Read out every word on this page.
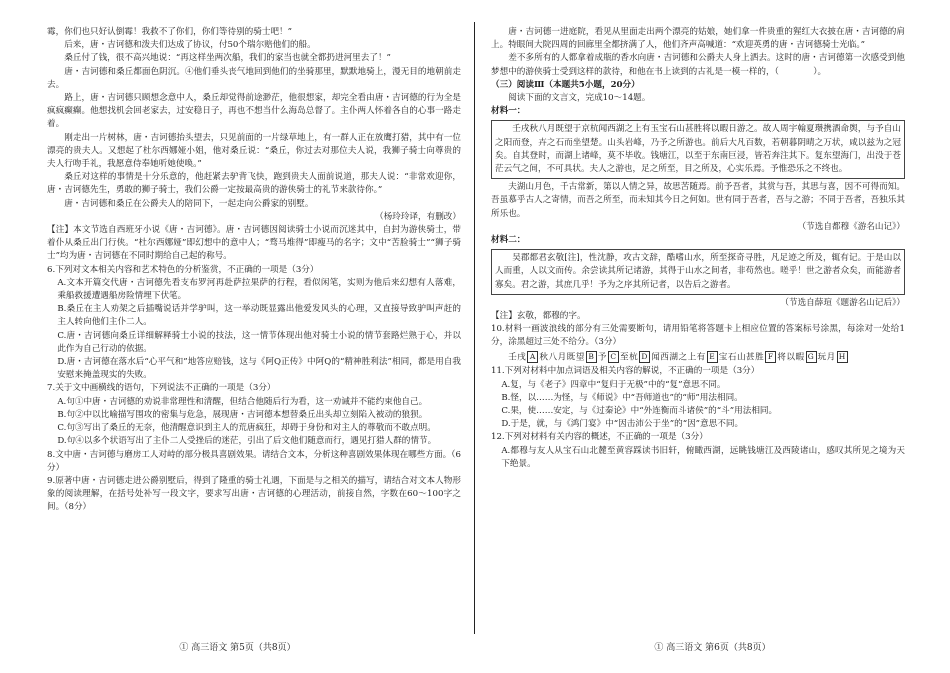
霉，你们也只好认倒霉！我救不了你们，你们等待别的骑士吧！”

后来，唐・吉诃德和泼夫们达成了协议，付50个瑞尔赔他们的船。

桑丘付了钱，很不高兴地说：“再这样坐两次船，我们的家当也就全都扔进河里去了！”

唐・吉诃德和桑丘都面色阴沉。④他们垂头丧气地回到他们的坐骑那里，默默地骑上，漫无目的地朝前走去。

路上，唐・吉诃德只顾想念意中人，桑丘却觉得前途渺茫，他很想家，却完全看由唐・吉诃德的行为全是疯疯癫癫。他想找机会回老家去，过安稳日子，再也不想当什么海岛总督了。主仆两人怀着各自的心事一路走着。

刚走出一片树林，唐・吉诃德抬头望去，只见前面的一片绿草地上，有一群人正在放鹰打猎，其中有一位漂亮的贵夫人。又想起了杜尔西娜娅小姐，他对桑丘说：“桑丘，你过去对那位夫人说，我狮子骑士向尊贵的夫人行吻手礼，我愿意侍奉她听她使唤。”

桑丘对这样的事情是十分乐意的，他赶紧去驴背飞快，跑到贵夫人面前说道，那夫人说：“非常欢迎你，唐・吉诃德先生，勇敢的狮子骑士，我们公爵一定按最高贵的游侠骑士的礼节来款待你。”

唐・吉诃德和桑丘在公爵夫人的陪同下，一起走向公爵家的别墅。

（杨玲玲译，有删改）

【注】本文节选自西班牙小说《唐・吉诃德》。唐・吉诃德因阅读骑士小说而沉迷其中，自封为游侠骑士，带着仆从桑丘出门行侠。“杜尔西娜娅”即幻想中的意中人；“骛马堆得”即瘦马的名字；文中“苦脸骑士”“狮子骑士”均为唐・吉诃德在不同时期给自己起的称号。

6.下列对文本相关内容和艺术特色的分析鉴赏，不正确的一项是（3分）

A.文本开篇交代唐・吉诃德先看支布罗河再赴萨拉果萨的行程，看似闲笔，实则为他后来幻想有人落难，乘船救援遭遇船房险情埋下伏笔。

B.桑丘在主人劝架之后插嘴说话并学驴叫，这一举动既显露出他爱发风头的心理，又直接导致驴叫声赶的主人转向他们主仆二人。

C.唐・吉诃德向桑丘详细解释骑士小说的技法，这一情节体现出他对骑士小说的情节套路烂熟于心，并以此作为自己行动的依据。

D.唐・吉诃德在落水后“心平气和”地答应赔钱，这与《阿Q正传》中阿Q的“精神胜利法”相同，都是用自我安慰来掩盖现实的失败。

7.关于文中画横线的语句，下列说法不正确的一项是（3分）

A.句①中唐・吉诃德的劝说非常理性和清醒，但结合他随后行为看，这一劝诫并不能约束他自己。

B.句②中以比喻描写围攻的密集与危急，展现唐・吉诃德本想替桑丘出头却立刻陷入被动的狼狈。

C.句③写出了桑丘的无奈，他清醒意识到主人的荒唐疯狂，却碍于身份和对主人的尊敬而不敢点明。

D.句④以多个状语写出了主仆二人受挫后的迷茫，引出了后文他们随意而行，遇见打猎人群的情节。

8.文中唐・吉诃德与磨房工人对峙的部分极具喜剧效果。请结合文本，分析这种喜剧效果体现在哪些方面。（6分）

9.原著中唐・吉诃德走进公爵别墅后，得到了隆重的骑士礼遇，下面是与之相关的描写，请结合对文本人物形象的阅读理解，在括号处补写一段文字，要求写出唐・吉诃德的心理活动，前接自然，字数在60～100字之间。（8分）

① 高三语文 第5页（共8页）

唐・吉诃德一进庭院，看见从里面走出两个漂亮的姑娘，她们拿一件贵重的猩红大衣披在唐・吉诃德的肩上。特眼间大院四周的回廊里全都挤满了人，他们齐声高喊道：“欢迎英勇的唐・吉诃德骑士光临。”

差不多所有的人都拿着成瓶的香水向唐・吉诃德和公爵夫人身上洒去。这时的唐・吉诃德第一次感受到他梦想中的游侠骑士受到这样的款待，和他在书上读到的古礼是一模一样的，（　　　　）。

（三）阅读Ⅲ（本题共5小题，20分）

阅读下面的文言文，完成10～14题。

材料一：

壬戌秋八月既望于京杭闻西湖之上有玉宝石山甚胜将以暇日游之。故人周宇翰夏瓒携酒命舆，与予自山之阳而登，卉之石而坐望楚。山头岩峰，乃予之所游也。前后大凡百数，若朝暮阴晴之万状，咸以兹为之冠矣。自其登时，而湖上诸峰，莫不毕收。钱塘江，以至于东南巨浸，皆若奔注其下。复东望海门，出没于苍茫云气之间，不可具状。夫人之游也，足之所至，目之所及，心实乐焉。予惟恐乐之不终也。

夫湖山月色，千古常新，第以人情之异，故思苦随焉。前予吾者，其赏与吾，其思与喜，因不可得而知。吾虽慕乎古人之寄情，而吾之所至，而未知其今日之何如。世有同于吾者，吾与之游；不同于吾者，吾独乐其所乐也。

（节选自都穆《游名山记》）

材料二：

吴郡都君玄敬[注]，性沈静，攻古文辞，酷嗜山水，所至探奇寻胜，凡足迹之所及，辄有记。于是山以人而重，人以文而传。余尝读其所记诸游，其得于山水之间者，非苟然也。嗟乎！世之游者众矣，而能游者寡矣。君之游，其庶几乎！予为之序其所记者，以告后之游者。

（节选自薛瑄《题游名山记后》）

【注】玄敬，都穆的字。

10.材料一画波浪线的部分有三处需要断句，请用铅笔将答题卡上相应位置的答案标号涂黑，每涂对一处给1分，涂黑超过三处不给分。（3分）

壬戌 A 秋八月既望 B 予 C 至杭 D 闻西湖之上有 E 宝石山甚胜 F 将以暇 G 玩月 H

11.下列对材料中加点词语及相关内容的解说，不正确的一项是（3分）

A.复，与《老子》四章中“复归于无极”中的“复”意思不同。

B.怪，以……为怪，与《师说》中“吾师道也”的“师”用法相同。

C.果，使……安定，与《过秦论》中“外连衡而斗诸侯”的“斗”用法相同。

D.于是，就，与《鸿门宴》中“因击沛公于坐”的“因”意思不同。

12.下列对材料有关内容的概述，不正确的一项是（3分）

A.都穆与友人从宝石山北麓至黄容踩读书旧轩，俯瞰西湖，远眺钱塘江及西陵诸山，感叹其所见之境为天下绝景。

① 高三语文 第6页（共8页）
